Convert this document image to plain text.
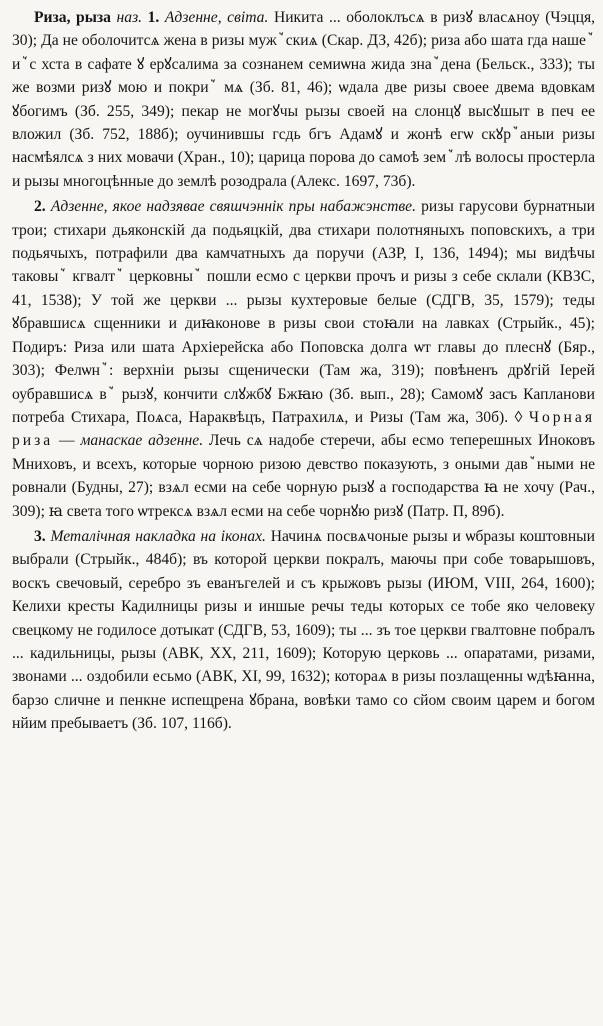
Риза, рыза наз. 1. Адзенне, світа. Никита ... оболоклъсѧ в ризꙋ власѧноу (Чэцця, 30); Да не оболочитсѧ жена в ризы мужꙿскиѧ (Скар. ДЗ, 42б); риза або шата гда нашеꙿ иꙿс хста в сафате ꙋ ерꙋсалима за сознанем семиѡна жида знаꙿдена (Бельск., 333); ты же возми ризꙋ мою и покриꙿ мѧ (Зб. 81, 46); ѡдала две ризы своее двема вдовкам ꙋбогимъ (Зб. 255, 349); пекар не могꙋчы рызы своей на слонцꙋ высꙋшыт в печ ее вложил (Зб. 752, 188б); оучинившы гсдь бгъ Адамꙋ и жонѣ егѡ скꙋрꙿаныи ризы насмѣялсѧ з них мовачи (Хран., 10); царица порова до самоѣ земꙿлѣ волосы простерла и рызы многоцѣнные до землѣ розодрала (Алекс. 1697, 73б).

2. Адзенне, якое надзявае свяшчэннік пры набажэнстве. ризы гарусови бурнатныи трои; стихари дьяконскій да подьяцкій, два стихари полотняныхъ поповскихъ, а три подьячыхъ, потрафили два камчатныхъ да поручи (АЗР, I, 136, 1494); мы видѣчы таковыꙿ кгвалтꙿ церковныꙿ пошли есмо с церкви прочъ и ризы з себе склали (КВЗС, 41, 1538); У той же церкви ... рызы кухтеровые белые (СДГВ, 35, 1579); теды ꙋбравшисѧ сщенники и диꙗконове в ризы свои стоꙗли на лавках (Стрыйк., 45); Подиръ: Риза или шата Архіерейска або Поповска долга ѡт главы до плеснꙋ (Бяр., 303); Фелѡнꙿ: верхніи рызы сщенически (Там жа, 319); повѣненъ дрꙋгій Іерей оубравшисѧ вꙿ рызꙋ, кончити слꙋжбꙋ Бжꙗю (Зб. вып., 28); Самомꙋ засъ Капланови потреба Стихара, Поѧса, Нараквѣцъ, Патрахилѧ, и Ризы (Там жа, 30б). ◊ Чорная риза — манаскае адзенне. Лечь сѧ надобе стеречи, абы есмо теперешных Иноковъ Мниховъ, и всехъ, которые чорною ризою девство показують, з оными давꙿными не ровнали (Будны, 27); взѧл есми на себе чорную рызꙋ а господарства ꙗ не хочу (Рач., 309); ꙗ света того ѡтрексѧ взѧл есми на себе чорнꙋю ризꙋ (Патр. П, 89б).

3. Металічная накладка на іконах. Начинѧ посвѧчоные рызы и ѡбразы коштовныи выбрали (Стрыйк., 484б); въ которой церкви покралъ, маючы при собе товарышовъ, воскъ свечовый, серебро зъ еванъгелей и съ крыжовъ рызы (ИЮМ, VIII, 264, 1600); Келихи кресты Кадилницы ризы и иншые речы теды которых се тобе яко человеку свецкому не годилосе дотыкат (СДГВ, 53, 1609); ты ... зъ тое церкви гвалтовне побралъ ... кадильницы, рызы (АВК, XX, 211, 1609); Которую церковь ... опаратами, ризами, звонами ... оздобили есьмо (АВК, XI, 99, 1632); котораѧ в ризы позлащенны ѡдѣꙗнна, барзо сличне и пенкне испещрена ꙋбрана, вовѣки тамо со сйом своим царем и богом нйим пребываетъ (Зб. 107, 116б).
